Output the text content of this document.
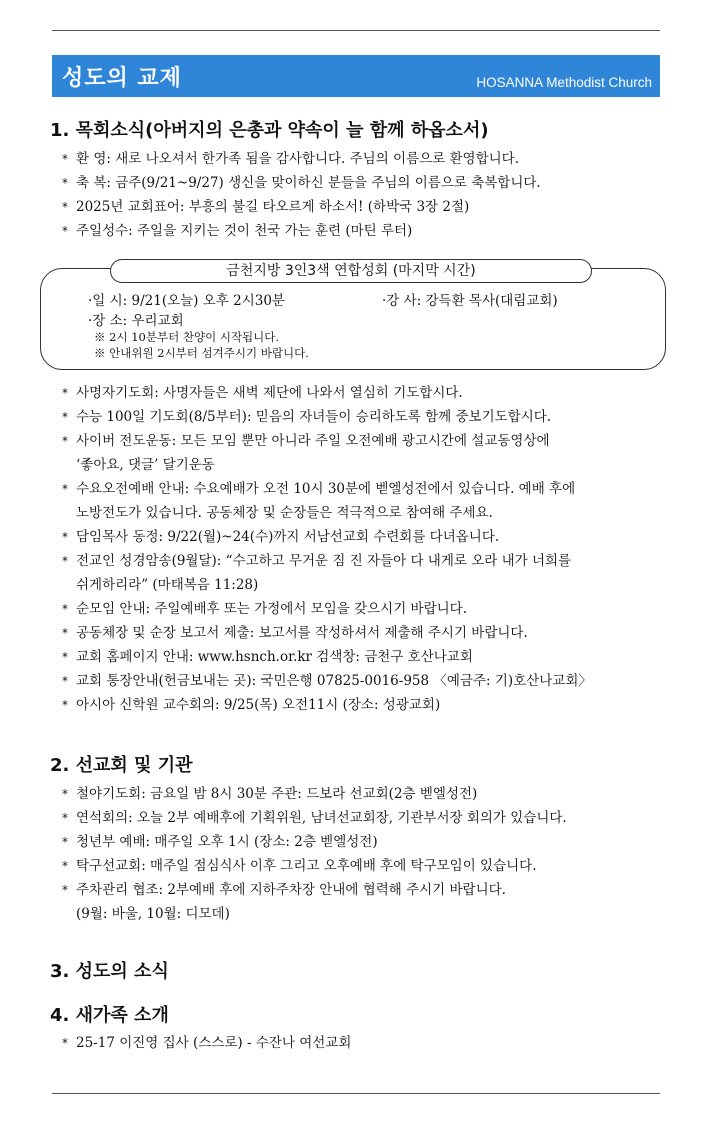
성도의 교제	HOSANNA Methodist Church
1. 목회소식(아버지의 은총과 약속이 늘 함께 하옵소서)
* 환 영: 새로 나오셔서 한가족 됨을 감사합니다. 주님의 이름으로 환영합니다.
* 축 복: 금주(9/21~9/27) 생신을 맞이하신 분들을 주님의 이름으로 축복합니다.
* 2025년 교회표어: 부흥의 불길 타오르게 하소서! (하박국 3장 2절)
* 주일성수: 주일을 지키는 것이 천국 가는 훈련 (마틴 루터)
금천지방 3인3색 연합성회 (마지막 시간)
·일 시: 9/21(오늘) 오후 2시30분	·강 사: 강득환 목사(대림교회)
·장 소: 우리교회
※ 2시 10분부터 찬양이 시작됩니다.
※ 안내위원 2시부터 섬겨주시기 바랍니다.
* 사명자기도회: 사명자들은 새벽 제단에 나와서 열심히 기도합시다.
* 수능 100일 기도회(8/5부터): 믿음의 자녀들이 승리하도록 함께 중보기도합시다.
* 사이버 전도운동: 모든 모임 뿐만 아니라 주일 오전예배 광고시간에 설교동영상에
‘좋아요, 댓글’ 달기운동
* 수요오전예배 안내: 수요예배가 오전 10시 30분에 벧엘성전에서 있습니다. 예배 후에
노방전도가 있습니다. 공동체장 및 순장들은 적극적으로 참여해 주세요.
* 담임목사 동정: 9/22(월)~24(수)까지 서남선교회 수련회를 다녀옵니다.
* 전교인 성경암송(9월달): “수고하고 무거운 짐 진 자들아 다 내게로 오라 내가 너희를
쉬게하리라” (마태복음 11:28)
* 순모임 안내: 주일예배후 또는 가정에서 모임을 갖으시기 바랍니다.
* 공동체장 및 순장 보고서 제출: 보고서를 작성하셔서 제출해 주시기 바랍니다.
* 교회 홈페이지 안내: www.hsnch.or.kr 검색창: 금천구 호산나교회
* 교회 통장안내(헌금보내는 곳): 국민은행 07825-0016-958 〈예금주: 기)호산나교회〉
* 아시아 신학원 교수회의: 9/25(목) 오전11시 (장소: 성광교회)
2. 선교회 및 기관
* 철야기도회: 금요일 밤 8시 30분 주관: 드보라 선교회(2층 벧엘성전)
* 연석회의: 오늘 2부 예배후에 기획위원, 남녀선교회장, 기관부서장 회의가 있습니다.
* 청년부 예배: 매주일 오후 1시 (장소: 2층 벧엘성전)
* 탁구선교회: 매주일 점심식사 이후 그리고 오후예배 후에 탁구모임이 있습니다.
* 주차관리 협조: 2부예배 후에 지하주차장 안내에 협력해 주시기 바랍니다.
(9월: 바울, 10월: 디모데)
3. 성도의 소식
4. 새가족 소개
* 25-17 이진영 집사 (스스로) - 수잔나 여선교회
